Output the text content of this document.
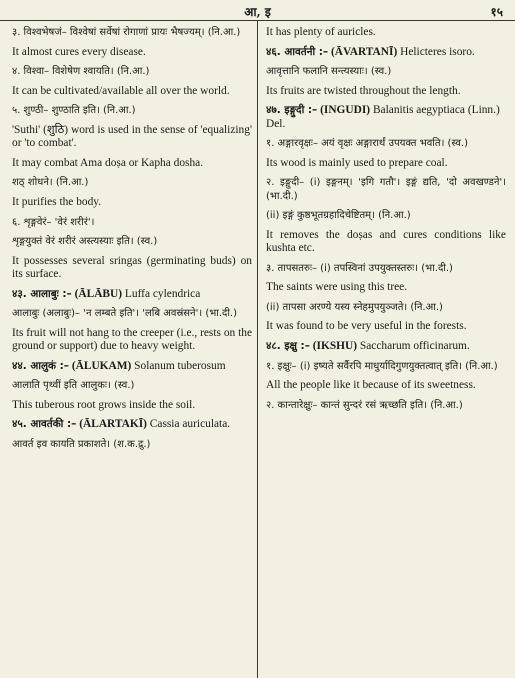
आ, इ	१५

३. विश्वभेषजं– विश्वेषां सर्वेषां रोगाणां प्रायः भैषज्यम्। (नि.आ.)

It almost cures every disease.

४. विश्वा– विशेषेण श्वायति। (नि.आ.)

It can be cultivated/available all over the world.

५. शुण्ठी– शुण्ठाति इति। (नि.आ.)

'Suthi' (शुठि) word is used in the sense of 'equalizing' or 'to combat'.

It may combat Ama doṣa or Kapha dosha.

शठ् शोधने। (नि.आ.)

It purifies the body.

६. शृङ्गवेरं– 'वेरं शरीरं'।

शृङ्गयुक्तं वेरं शरीरं अस्त्यस्याः इति। (स्व.)

It possesses several sringas (germinating buds) on its surface.

४३. आलाबुः :– (ĀLĀBU) Luffa cylendrica

आलाबुः (अलाबुः)– 'न लम्बते इति'। 'लबि अवस्रंसने'। (भा.दी.)

Its fruit will not hang to the creeper (i.e., rests on the ground or support) due to heavy weight.

४४. आलुकं :– (ĀLUKAM) Solanum tuberosum

आलाति पृथ्वीं इति आलुकः। (स्व.)

This tuberous root grows inside the soil.

४५. आवर्तकी :– (ĀLARTAKĪ) Cassia auriculata.

आवर्त इव कायति प्रकाशते। (श.क.द्रु.)

It has plenty of auricles.

४६. आवर्तनी :– (ĀVARTANĪ) Helicteres isoro.

आवृत्तानि फलानि सन्त्यस्याः। (स्व.)

Its fruits are twisted throughout the length.

४७. इङ्गुदी :– (INGUDI) Balanitis aegyptiaca (Linn.) Del.

१. अङ्गारवृक्षः– अयं वृक्षः अङ्गारार्थं उपयक्त भवति। (स्व.)

Its wood is mainly used to prepare coal.

२. इङ्गुदी– (i) इङ्गनम्। 'इगि गतौ'। इङ्गं द्यति, 'दो अवखण्डने'। (भा.दी.)

(ii) इङ्गं कुष्ठभूतग्रहादिचेष्टितम्। (नि.आ.)

It removes the doṣas and cures conditions like kushta etc.

३. तापसतरुः– (i) तपस्विनां उपयुक्तस्तरुः। (भा.दी.)

The saints were using this tree.

(ii) तापसा अरण्ये यस्य स्नेहमुपयुञ्जते। (नि.आ.)

It was found to be very useful in the forests.

४८. इक्षु :– (IKSHU) Saccharum officinarum.

१. इक्षुः– (i) इष्यते सर्वैरपि माधुर्यादिगुणयुक्तत्वात् इति। (नि.आ.)

All the people like it because of its sweetness.

२. कान्तारेक्षुः– कान्तं सुन्दरं रसं ऋच्छति इति। (नि.आ.)
